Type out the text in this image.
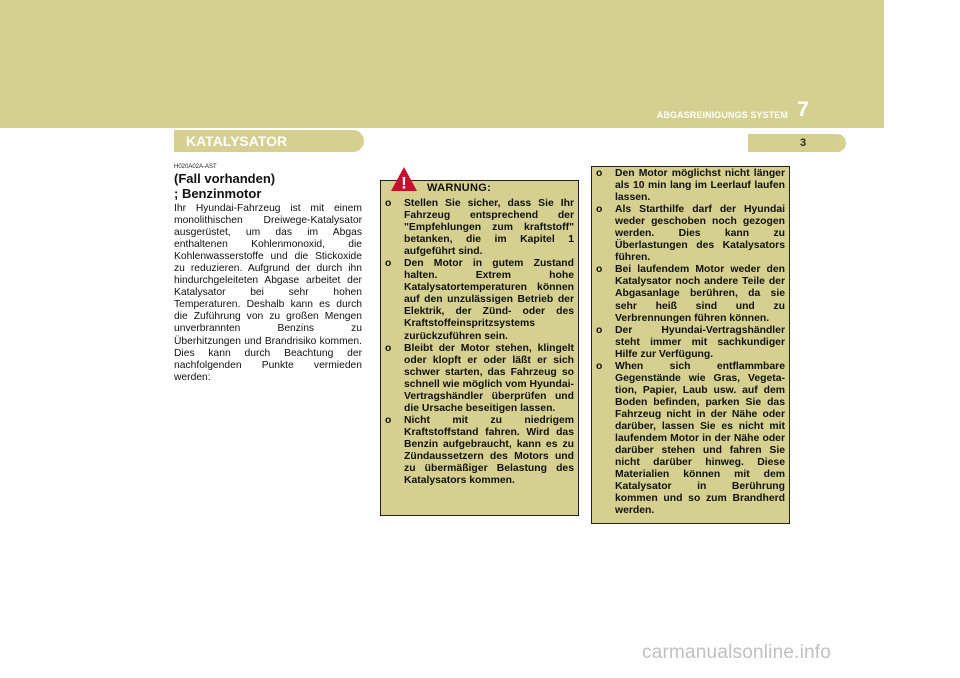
ABGASREINIGUNGS SYSTEM 7
3
KATALYSATOR
H020A02A-AST
(Fall vorhanden)
; Benzinmotor
Ihr Hyundai-Fahrzeug ist mit einem monolithischen Dreiwege-Katalysator ausgerüstet, um das im Abgas enthaltenen Kohlenmonoxid, die Kohlenwasserstoffe und die Stickoxide zu reduzieren. Aufgrund der durch ihn hindurchgeleiteten Abgase arbeitet der Katalysator bei sehr hohen Temperaturen. Deshalb kann es durch die Zuführung von zu großen Mengen unverbrannten Benzins zu Überhitzungen und Brandrisiko kommen. Dies kann durch Beachtung der nachfolgenden Punkte vermieden werden:
! WARNUNG:
o Stellen Sie sicher, dass Sie Ihr Fahrzeug entsprechend der "Empfehlungen zum kraftstoff" betanken, die im Kapitel 1 aufgeführt sind.
o Den Motor in gutem Zustand halten. Extrem hohe Katalysatortemperaturen können auf den unzulässigen Betrieb der Elektrik, der Zünd- oder des Kraftstoffeinspritzsystems zurückzuführen sein.
o Bleibt der Motor stehen, klingelt oder klopft er oder läßt er sich schwer starten, das Fahrzeug so schnell wie möglich vom Hyundai-Vertragshändler überprüfen und die Ursache beseitigen lassen.
o Nicht mit zu niedrigem Kraftstoffstand fahren. Wird das Benzin aufgebraucht, kann es zu Zündaussetzern des Motors und zu übermäßiger Belastung des Katalysators kommen.
o Den Motor möglichst nicht länger als 10 min lang im Leerlauf laufen lassen.
o Als Starthilfe darf der Hyundai weder geschoben noch gezogen werden. Dies kann zu Überlastungen des Katalysators führen.
o Bei laufendem Motor weder den Katalysator noch andere Teile der Abgasanlage berühren, da sie sehr heiß sind und zu Verbrennungen führen können.
o Der Hyundai-Vertragshändler steht immer mit sachkundiger Hilfe zur Verfügung.
o When sich entflammbare Gegenstände wie Gras, Vegeta-tion, Papier, Laub usw. auf dem Boden befinden, parken Sie das Fahrzeug nicht in der Nähe oder darüber, lassen Sie es nicht mit laufendem Motor in der Nähe oder darüber stehen und fahren Sie nicht darüber hinweg. Diese Materialien können mit dem Katalysator in Berührung kommen und so zum Brandherd werden.
carmanualsonline.info
